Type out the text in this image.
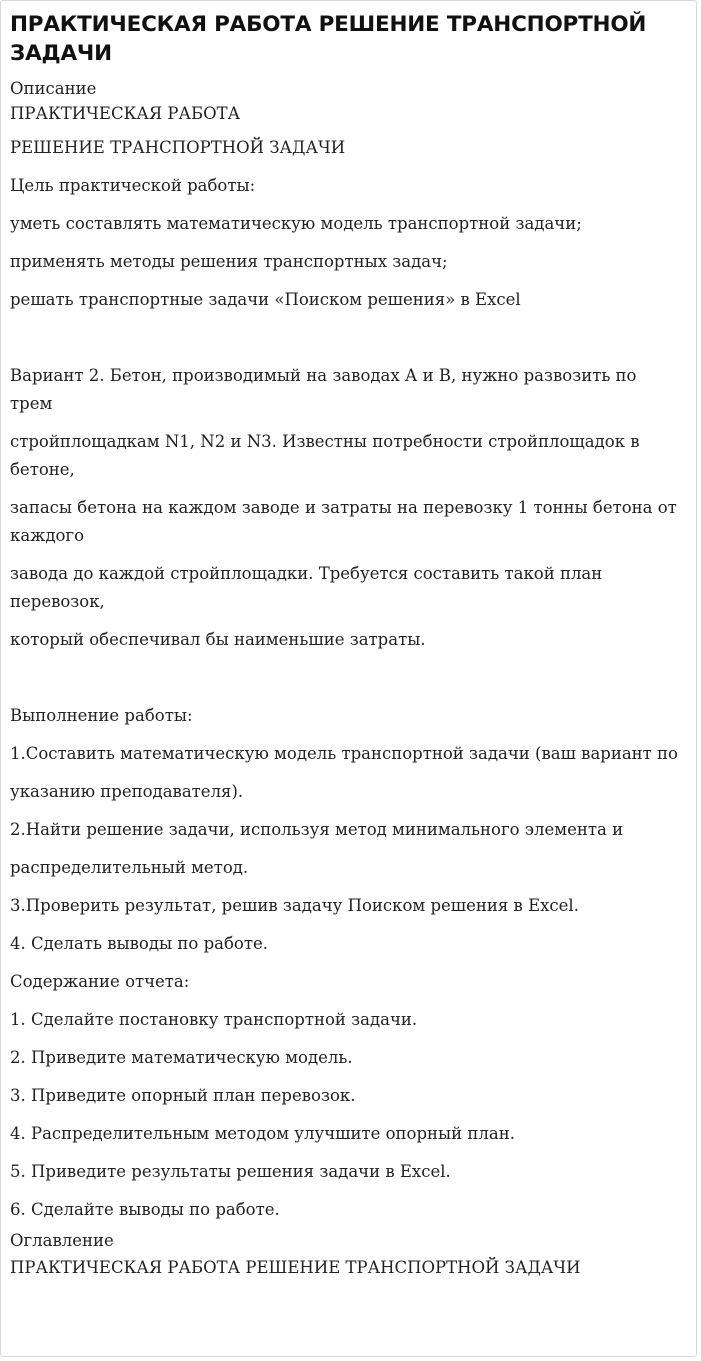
ПРАКТИЧЕСКАЯ РАБОТА РЕШЕНИЕ ТРАНСПОРТНОЙ ЗАДАЧИ
Описание

ПРАКТИЧЕСКАЯ РАБОТА

РЕШЕНИЕ ТРАНСПОРТНОЙ ЗАДАЧИ

Цель практической работы:

уметь составлять математическую модель транспортной задачи;

применять методы решения транспортных задач;

решать транспортные задачи «Поиском решения» в Excel

Вариант 2. Бетон, производимый на заводах А и В, нужно развозить по трем

стройплощадкам N1, N2 и N3. Известны потребности стройплощадок в бетоне,

запасы бетона на каждом заводе и затраты на перевозку 1 тонны бетона от каждого

завода до каждой стройплощадки. Требуется составить такой план перевозок,

который обеспечивал бы наименьшие затраты.

Выполнение работы:

1.Составить математическую модель транспортной задачи (ваш вариант по

указанию преподавателя).

2.Найти решение задачи, используя метод минимального элемента и

распределительный метод.

3.Проверить результат, решив задачу Поиском решения в Excel.

4. Сделать выводы по работе.

Содержание отчета:

1. Сделайте постановку транспортной задачи.

2. Приведите математическую модель.

3. Приведите опорный план перевозок.

4. Распределительным методом улучшите опорный план.

5. Приведите результаты решения задачи в Excel.

6. Сделайте выводы по работе.

Оглавление
ПРАКТИЧЕСКАЯ РАБОТА РЕШЕНИЕ ТРАНСПОРТНОЙ ЗАДАЧИ
